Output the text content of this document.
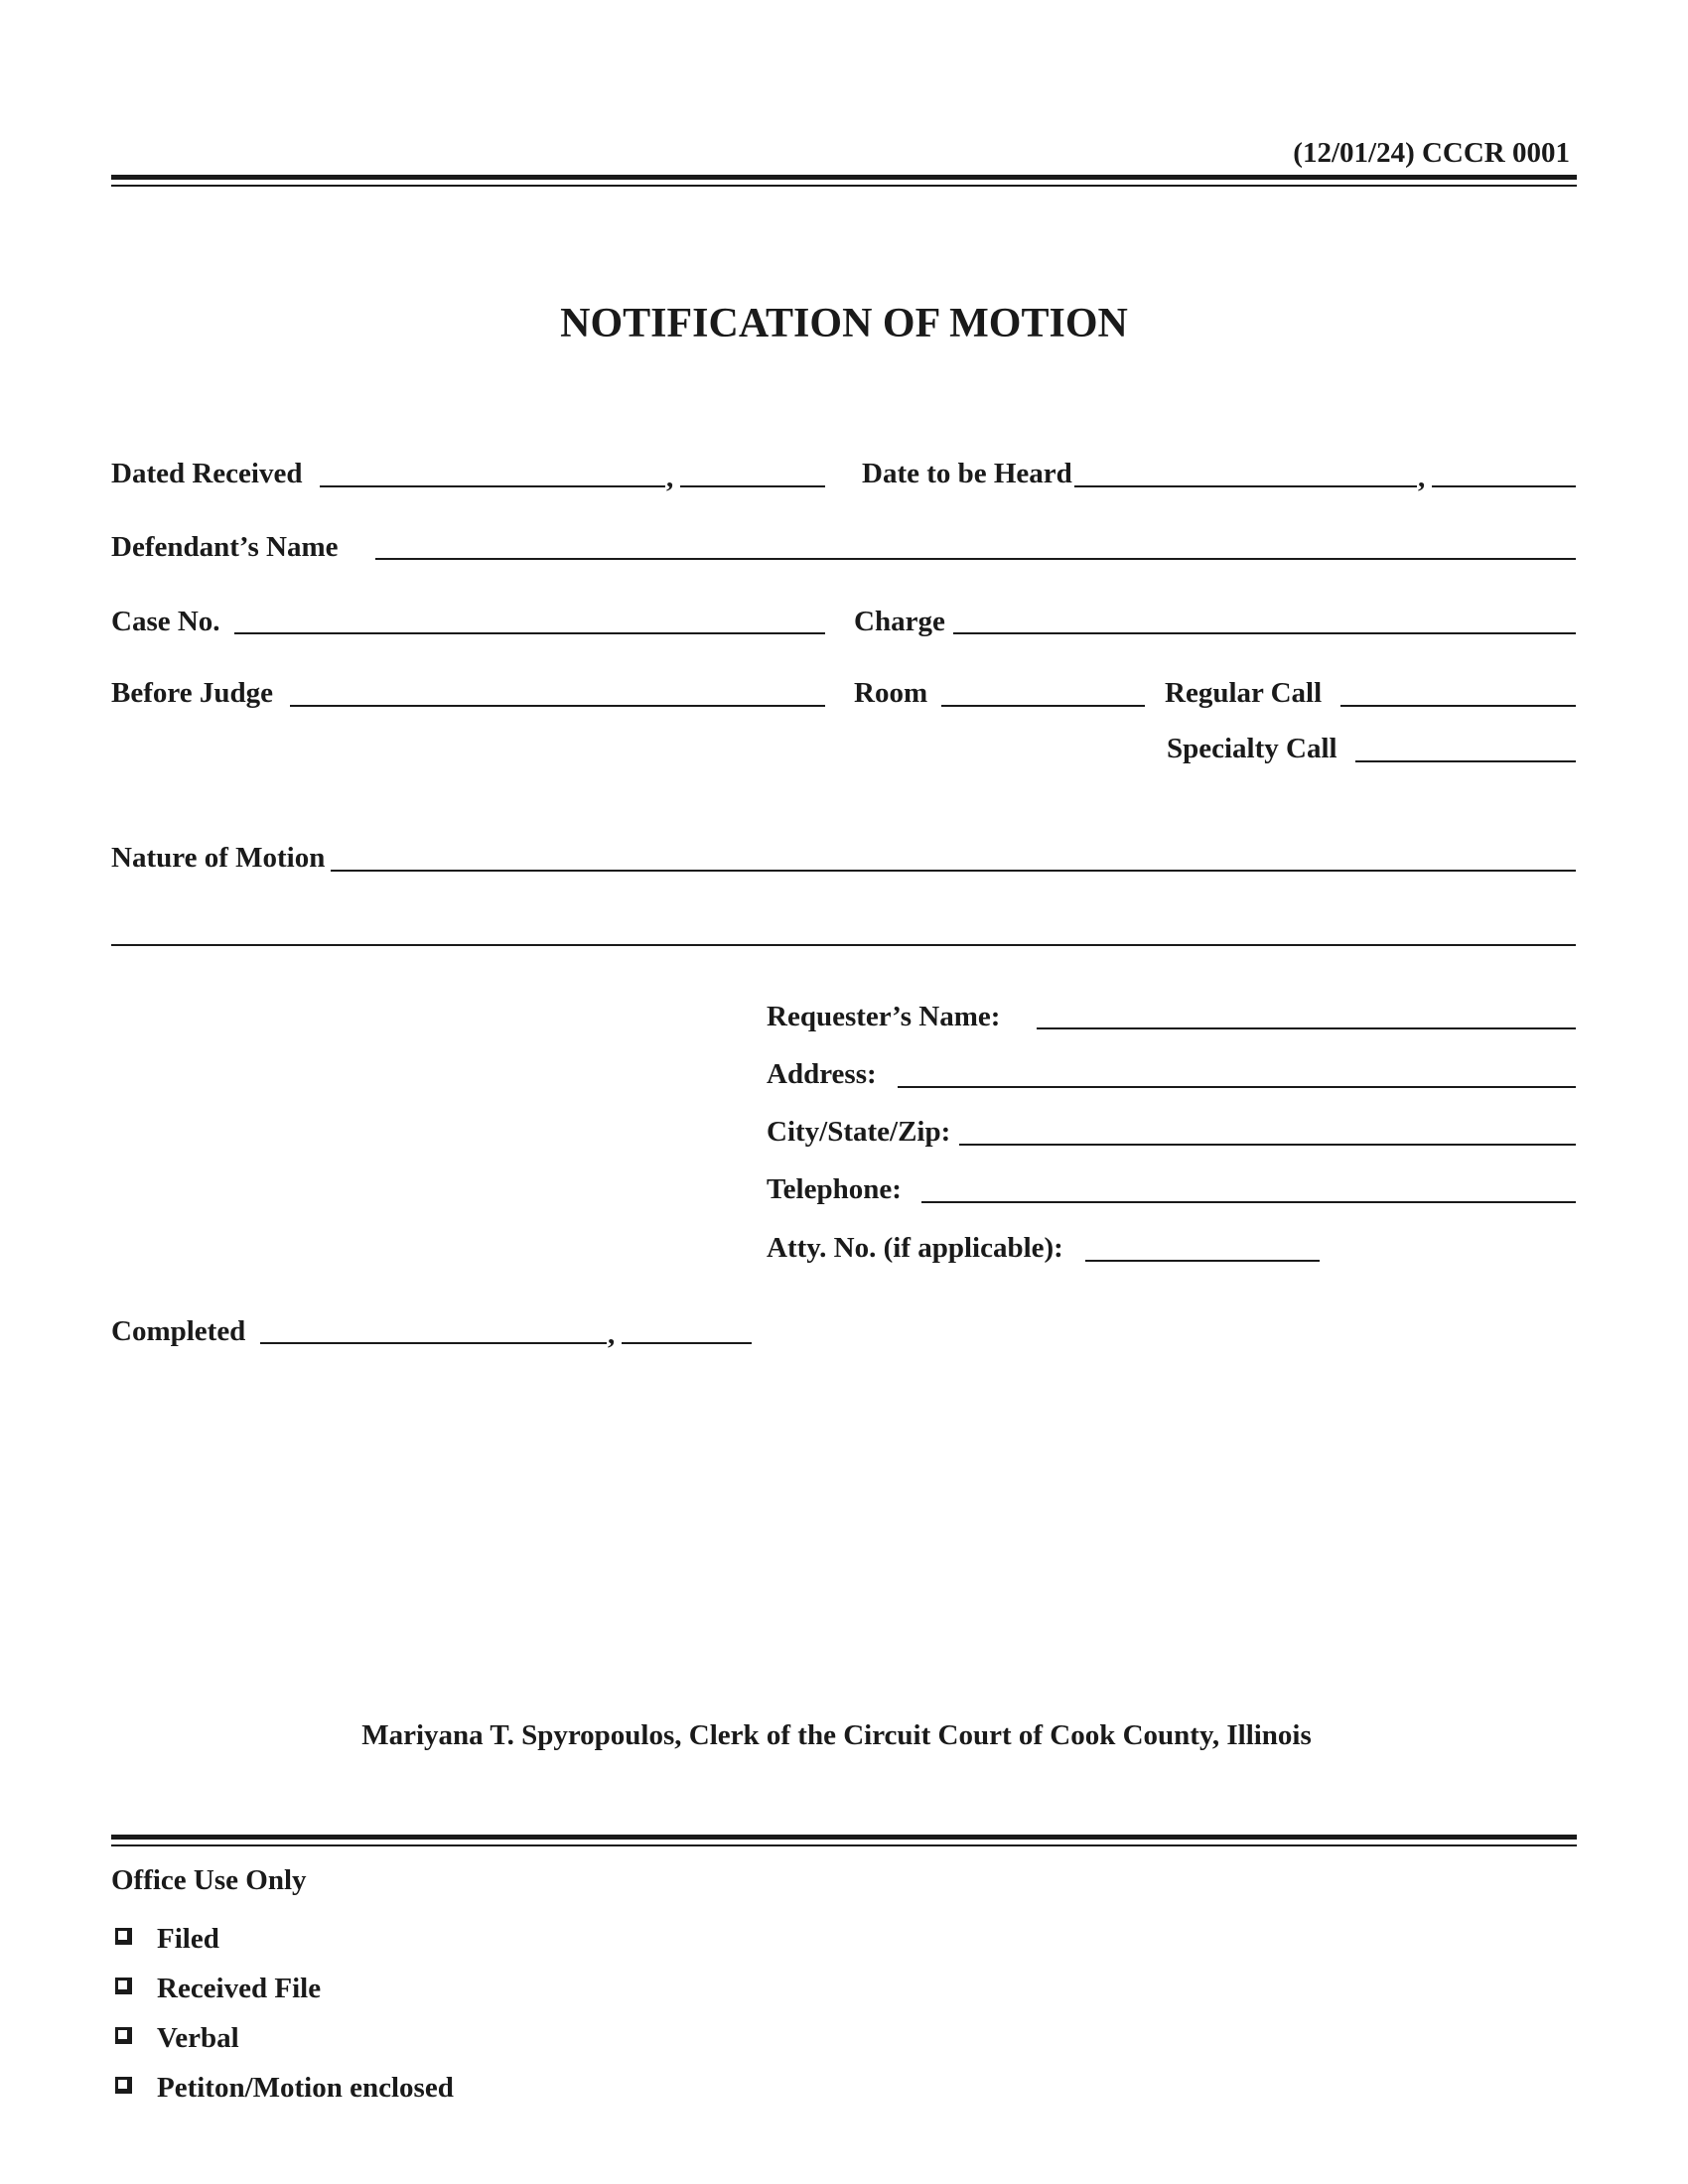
(12/01/24) CCCR 0001
NOTIFICATION OF MOTION
Dated Received	,	Date to be Heard	,
Defendant’s Name
Case No.	Charge
Before Judge	Room	Regular Call
Specialty Call
Nature of Motion
Requester’s Name:
Address:
City/State/Zip:
Telephone:
Atty. No. (if applicable):
Completed	,
Mariyana T. Spyropoulos, Clerk of the Circuit Court of Cook County, Illinois
Office Use Only
Filed
Received File
Verbal
Petiton/Motion enclosed
